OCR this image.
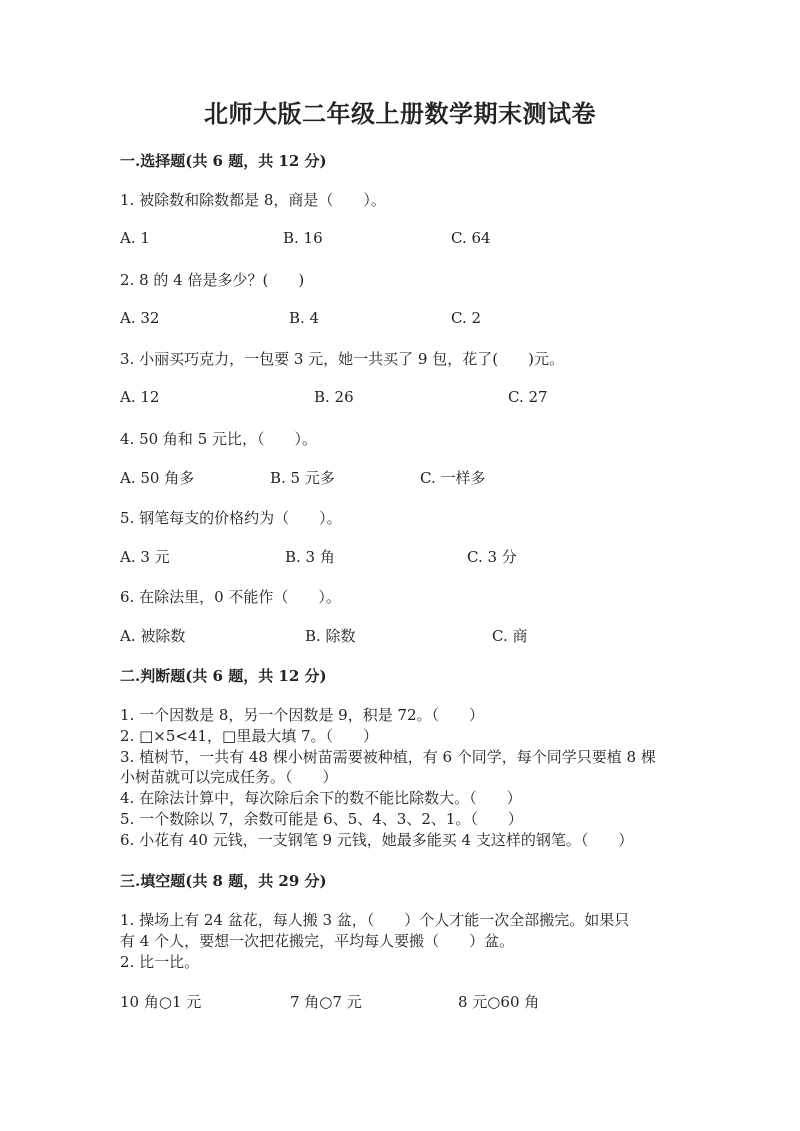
北师大版二年级上册数学期末测试卷
一.选择题(共 6 题，共 12 分)
1. 被除数和除数都是 8，商是（　　）。
A. 1	B. 16	C. 64
2. 8 的 4 倍是多少？(　　)
A. 32	B. 4	C. 2
3. 小丽买巧克力，一包要 3 元，她一共买了 9 包，花了(　　)元。
A. 12	B. 26	C. 27
4. 50 角和 5 元比，（　　）。
A. 50 角多	B. 5 元多	C. 一样多
5. 钢笔每支的价格约为（　　）。
A. 3 元	B. 3 角	C. 3 分
6. 在除法里，0 不能作（　　）。
A. 被除数	B. 除数	C. 商
二.判断题(共 6 题，共 12 分)
1. 一个因数是 8，另一个因数是 9，积是 72。（　　）
2. □×5<41，□里最大填 7。（　　）
3. 植树节，一共有 48 棵小树苗需要被种植，有 6 个同学，每个同学只要植 8 棵
小树苗就可以完成任务。（　　）
4. 在除法计算中，每次除后余下的数不能比除数大。（　　）
5. 一个数除以 7，余数可能是 6、5、4、3、2、1。（　　）
6. 小花有 40 元钱，一支钢笔 9 元钱，她最多能买 4 支这样的钢笔。（　　）
三.填空题(共 8 题，共 29 分)
1. 操场上有 24 盆花，每人搬 3 盆，（　　）个人才能一次全部搬完。如果只
有 4 个人，要想一次把花搬完，平均每人要搬（　　）盆。
2. 比一比。
10 角○1 元	7 角○7 元	8 元○60 角
